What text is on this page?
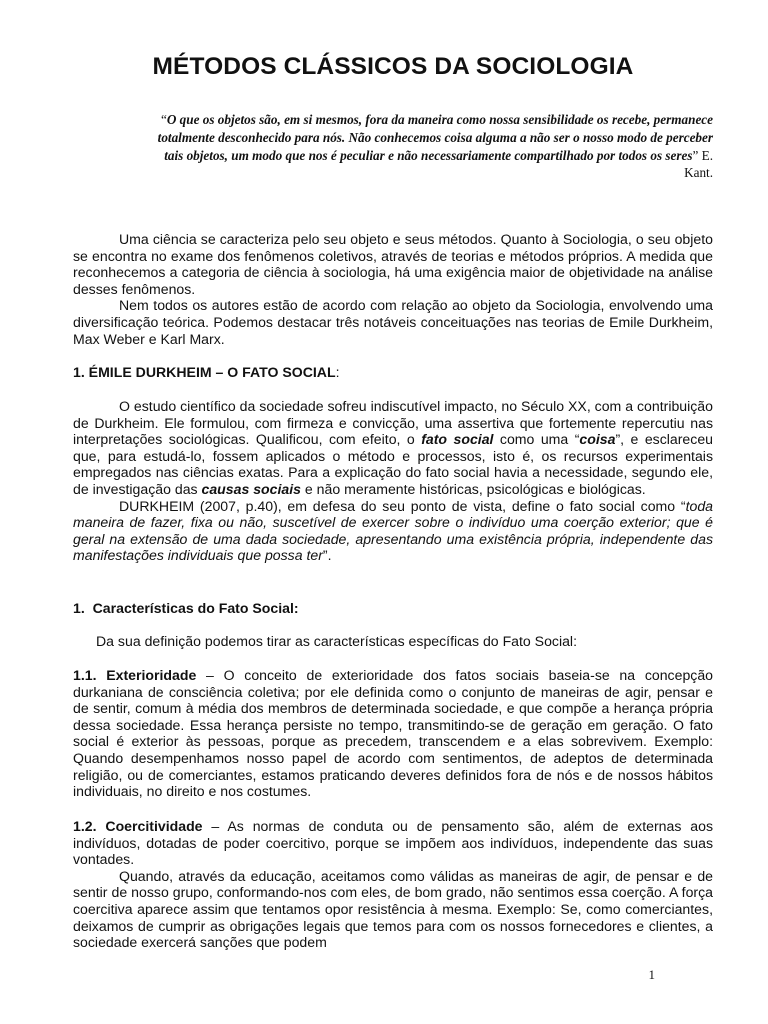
MÉTODOS CLÁSSICOS DA SOCIOLOGIA
“O que os objetos são, em si mesmos, fora da maneira como nossa sensibilidade os recebe, permanece totalmente desconhecido para nós. Não conhecemos coisa alguma a não ser o nosso modo de perceber tais objetos, um modo que nos é peculiar e não necessariamente compartilhado por todos os seres” E. Kant.

Uma ciência se caracteriza pelo seu objeto e seus métodos. Quanto à Sociologia, o seu objeto se encontra no exame dos fenômenos coletivos, através de teorias e métodos próprios. A medida que reconhecemos a categoria de ciência à sociologia, há uma exigência maior de objetividade na análise desses fenômenos.

Nem todos os autores estão de acordo com relação ao objeto da Sociologia, envolvendo uma diversificação teórica. Podemos destacar três notáveis conceituações nas teorias de Emile Durkheim, Max Weber e Karl Marx.

1. ÉMILE DURKHEIM – O FATO SOCIAL:

O estudo científico da sociedade sofreu indiscutível impacto, no Século XX, com a contribuição de Durkheim. Ele formulou, com firmeza e convicção, uma assertiva que fortemente repercutiu nas interpretações sociológicas. Qualificou, com efeito, o fato social como uma “coisa”, e esclareceu que, para estudá-lo, fossem aplicados o método e processos, isto é, os recursos experimentais empregados nas ciências exatas. Para a explicação do fato social havia a necessidade, segundo ele, de investigação das causas sociais e não meramente históricas, psicológicas e biológicas.

DURKHEIM (2007, p.40), em defesa do seu ponto de vista, define o fato social como “toda maneira de fazer, fixa ou não, suscetível de exercer sobre o indivíduo uma coerção exterior; que é geral na extensão de uma dada sociedade, apresentando uma existência própria, independente das manifestações individuais que possa ter”.

1. Características do Fato Social:

Da sua definição podemos tirar as características específicas do Fato Social:

1.1. Exterioridade – O conceito de exterioridade dos fatos sociais baseia-se na concepção durkaniana de consciência coletiva; por ele definida como o conjunto de maneiras de agir, pensar e de sentir, comum à média dos membros de determinada sociedade, e que compõe a herança própria dessa sociedade. Essa herança persiste no tempo, transmitindo-se de geração em geração. O fato social é exterior às pessoas, porque as precedem, transcendem e a elas sobrevivem. Exemplo: Quando desempenhamos nosso papel de acordo com sentimentos, de adeptos de determinada religião, ou de comerciantes, estamos praticando deveres definidos fora de nós e de nossos hábitos individuais, no direito e nos costumes.

1.2. Coercitividade – As normas de conduta ou de pensamento são, além de externas aos indivíduos, dotadas de poder coercitivo, porque se impõem aos indivíduos, independente das suas vontades.

Quando, através da educação, aceitamos como válidas as maneiras de agir, de pensar e de sentir de nosso grupo, conformando-nos com eles, de bom grado, não sentimos essa coerção. A força coercitiva aparece assim que tentamos opor resistência à mesma. Exemplo: Se, como comerciantes, deixamos de cumprir as obrigações legais que temos para com os nossos fornecedores e clientes, a sociedade exercerá sanções que podem

1
